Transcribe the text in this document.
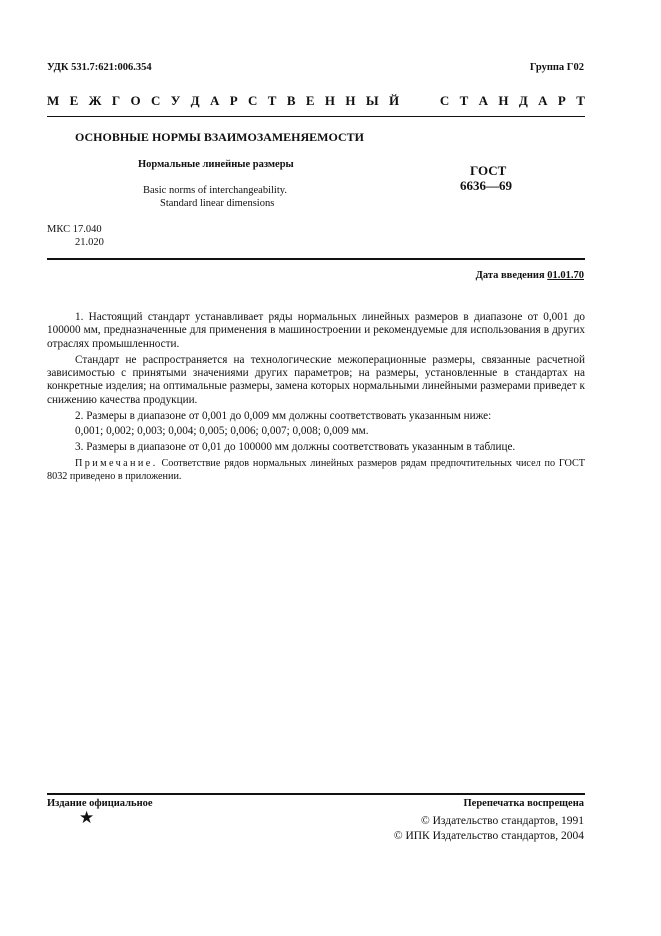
УДК 531.7:621:006.354	Группа Г02
М Е Ж Г О С У Д А Р С Т В Е Н Н Ы Й	С Т А Н Д А Р Т
ОСНОВНЫЕ НОРМЫ ВЗАИМОЗАМЕНЯЕМОСТИ
Нормальные линейные размеры
Basic norms of interchangeability.
Standard linear dimensions
ГОСТ
6636—69
МКС 17.040
21.020
Дата введения 01.01.70

1. Настоящий стандарт устанавливает ряды нормальных линейных размеров в диапазоне от 0,001 до 100000 мм, предназначенные для применения в машиностроении и рекомендуемые для использования в других отраслях промышленности.

Стандарт не распространяется на технологические межоперационные размеры, связанные расчетной зависимостью с принятыми значениями других параметров; на размеры, установленные в стандартах на конкретные изделия; на оптимальные размеры, замена которых нормальными линейными размерами приведет к снижению качества продукции.

2. Размеры в диапазоне от 0,001 до 0,009 мм должны соответствовать указанным ниже:

0,001; 0,002; 0,003; 0,004; 0,005; 0,006; 0,007; 0,008; 0,009 мм.

3. Размеры в диапазоне от 0,01 до 100000 мм должны соответствовать указанным в таблице.

Примечание. Соответствие рядов нормальных линейных размеров рядам предпочтительных чисел по ГОСТ 8032 приведено в приложении.

Издание официальное	Перепечатка воспрещена
★	© Издательство стандартов, 1991
© ИПК Издательство стандартов, 2004
